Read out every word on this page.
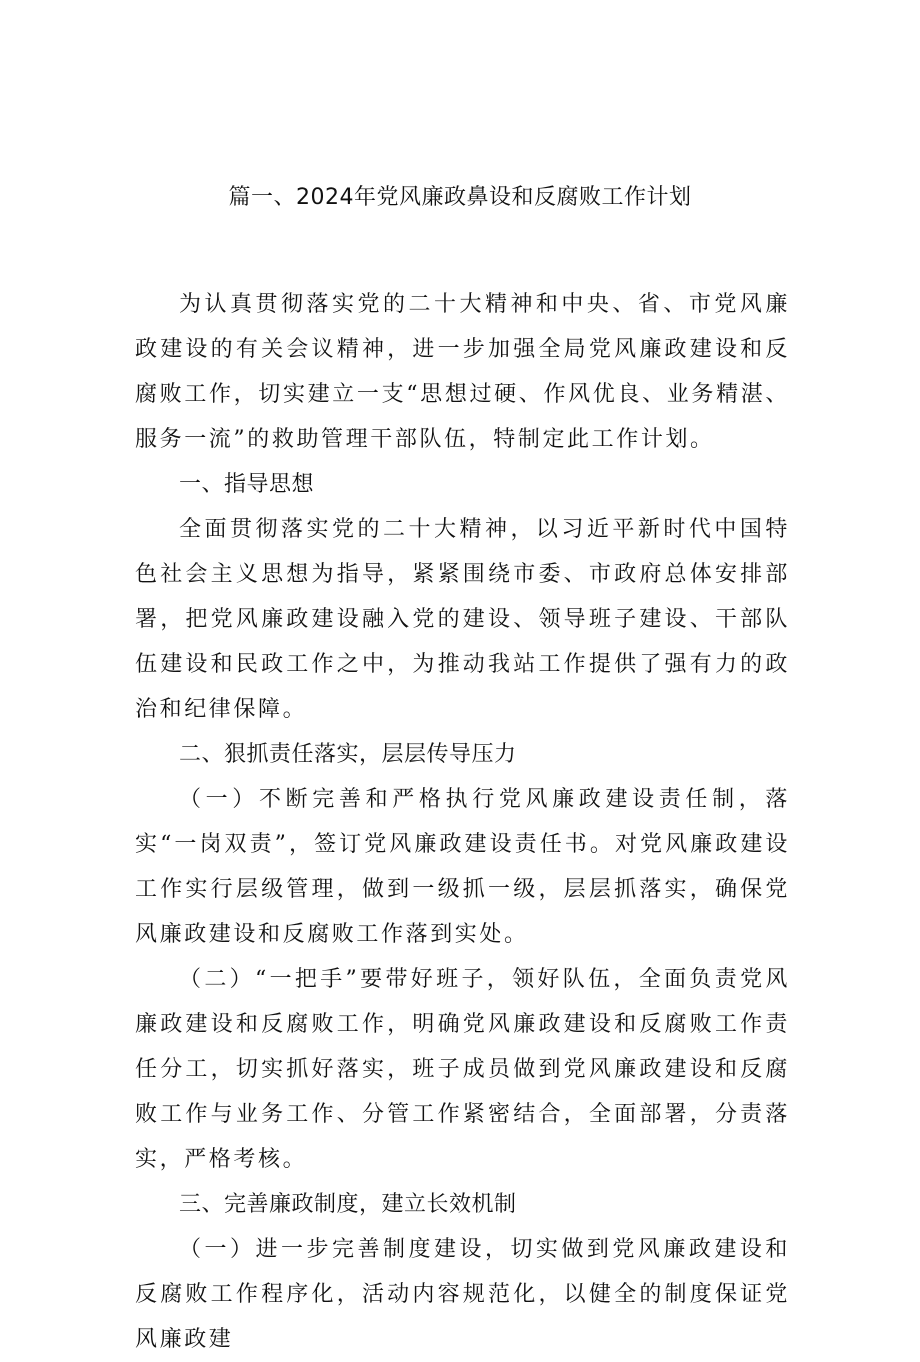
篇一、2024年党风廉政鼻设和反腐败工作计划

为认真贯彻落实党的二十大精神和中央、省、市党风廉政建设的有关会议精神，进一步加强全局党风廉政建设和反腐败工作，切实建立一支“思想过硬、作风优良、业务精湛、服务一流”的救助管理干部队伍，特制定此工作计划。

一、指导思想

全面贯彻落实党的二十大精神，以习近平新时代中国特色社会主义思想为指导，紧紧围绕市委、市政府总体安排部署，把党风廉政建设融入党的建设、领导班子建设、干部队伍建设和民政工作之中，为推动我站工作提供了强有力的政治和纪律保障。

二、狠抓责任落实，层层传导压力

（一）不断完善和严格执行党风廉政建设责任制，落实“一岗双责”，签订党风廉政建设责任书。对党风廉政建设工作实行层级管理，做到一级抓一级，层层抓落实，确保党风廉政建设和反腐败工作落到实处。

（二）“一把手”要带好班子，领好队伍，全面负责党风廉政建设和反腐败工作，明确党风廉政建设和反腐败工作责任分工，切实抓好落实，班子成员做到党风廉政建设和反腐败工作与业务工作、分管工作紧密结合，全面部署，分责落实，严格考核。

三、完善廉政制度，建立长效机制

（一）进一步完善制度建设，切实做到党风廉政建设和反腐败工作程序化，活动内容规范化，以健全的制度保证党风廉政建
